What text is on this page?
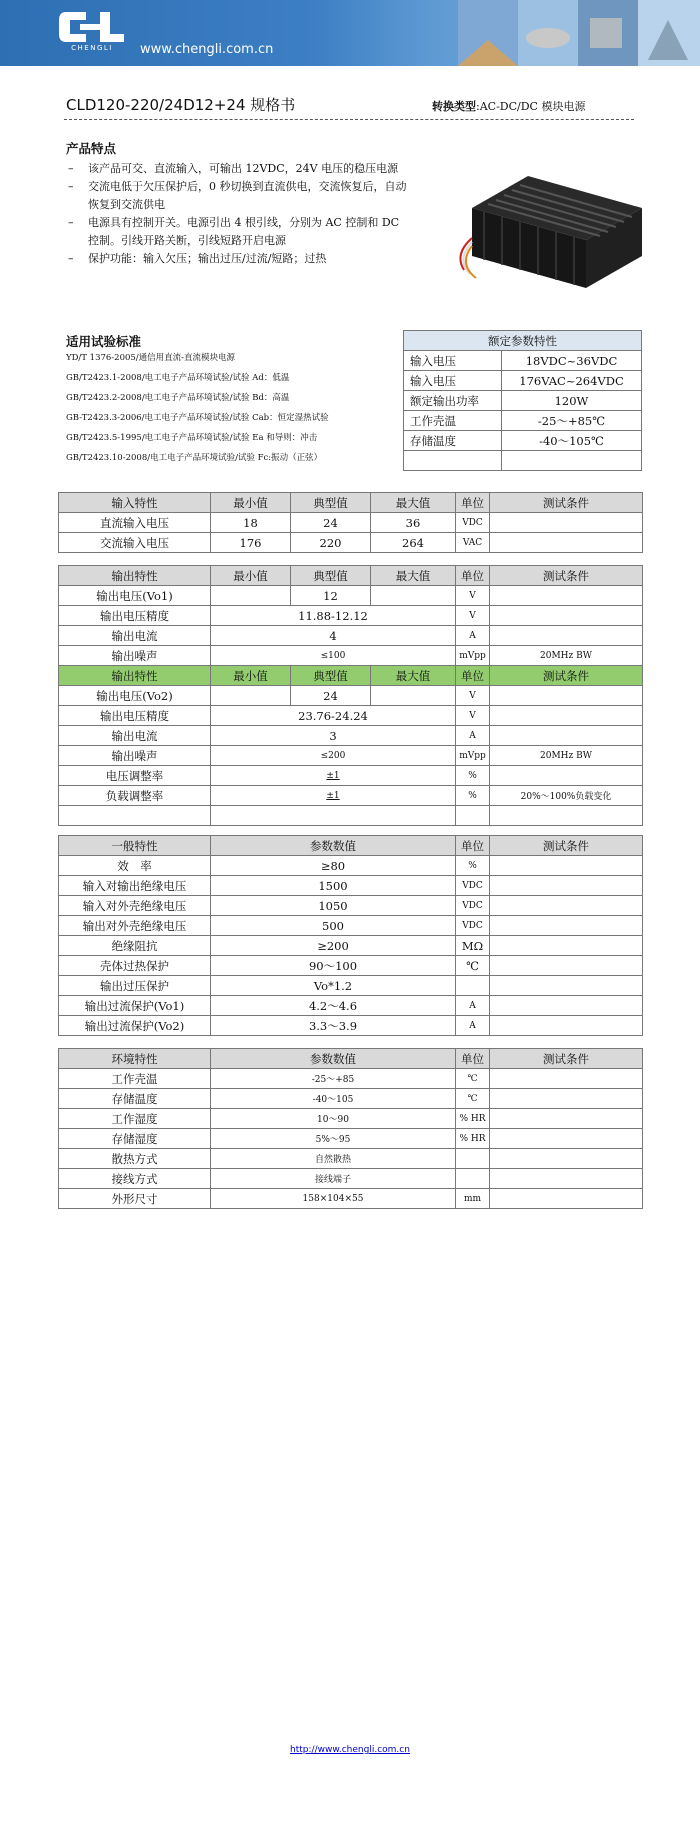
CHENGLI	www.chengli.com.cn
CLD120-220/24D12+24 规格书	转换类型:AC-DC/DC 模块电源
产品特点
– 该产品可交、直流输入，可输出 12VDC，24V 电压的稳压电源
– 交流电低于欠压保护后，0 秒切换到直流供电，交流恢复后，自动恢复到交流供电
– 电源具有控制开关。电源引出 4 根引线，分别为 AC 控制和 DC 控制。引线开路关断，引线短路开启电源
– 保护功能：输入欠压；输出过压/过流/短路；过热
适用试验标准
YD/T 1376-2005/通信用直流-直流模块电源
GB/T2423.1-2008/电工电子产品环境试验/试验 Ad：低温
GB/T2423.2-2008/电工电子产品环境试验/试验 Bd：高温
GB-T2423.3-2006/电工电子产品环境试验/试验 Cab：恒定湿热试验
GB/T2423.5-1995/电工电子产品环境试验/试验 Ea 和导则：冲击
GB/T2423.10-2008/电工电子产品环境试验/试验 Fc:振动（正弦）
额定参数特性	
输入电压	18VDC~36VDC
输入电压	176VAC~264VDC
额定输出功率	120W
工作壳温	-25～+85℃
存储温度	-40～105℃

输入特性	最小值	典型值	最大值	单位	测试条件
直流输入电压	18	24	36	VDC	
交流输入电压	176	220	264	VAC	
输出特性	最小值	典型值	最大值	单位	测试条件
输出电压(Vo1)		12		V	
输出电压精度	11.88-12.12			V	
输出电流	4			A	
输出噪声	≤100			mVpp	20MHz BW
输出特性	最小值	典型值	最大值	单位	测试条件
输出电压(Vo2)		24		V	
输出电压精度	23.76-24.24			V	
输出电流	3			A	
输出噪声	≤200			mVpp	20MHz BW
电压调整率	±1			%	
负载调整率	±1			%	20%～100%负载变化

一般特性	参数数值	单位	测试条件
效　率	≥80	%	
输入对输出绝缘电压	1500	VDC	
输入对外壳绝缘电压	1050	VDC	
输出对外壳绝缘电压	500	VDC	
绝缘阻抗	≥200	MΩ	
壳体过热保护	90～100	℃	
输出过压保护	Vo*1.2		
输出过流保护(Vo1)	4.2～4.6	A	
输出过流保护(Vo2)	3.3～3.9	A	
环境特性	参数数值	单位	测试条件
工作壳温	-25～+85	℃	
存储温度	-40～105	℃	
工作湿度	10～90	% HR	
存储湿度	5%～95	% HR	
散热方式	自然散热		
接线方式	接线端子		
外形尺寸	158×104×55	mm	
http://www.chengli.com.cn
